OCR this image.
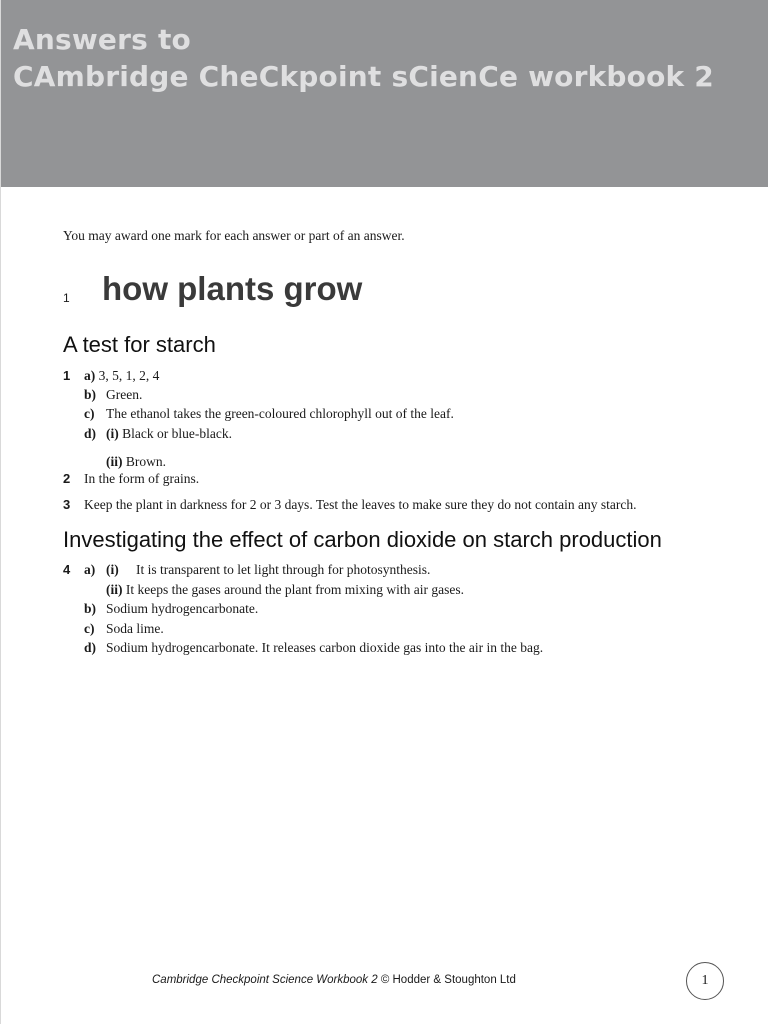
Answers to
CAmbridge CheCkpoint sCienCe workbook 2
You may award one mark for each answer or part of an answer.
1 how plants grow
A test for starch
1 a) 3, 5, 1, 2, 4
b) Green.
c) The ethanol takes the green-coloured chlorophyll out of the leaf.
d) (i) Black or blue-black.
(ii) Brown.
2 In the form of grains.
3 Keep the plant in darkness for 2 or 3 days. Test the leaves to make sure they do not contain any starch.
Investigating the effect of carbon dioxide on starch production
4 a) (i) It is transparent to let light through for photosynthesis.
(ii) It keeps the gases around the plant from mixing with air gases.
b) Sodium hydrogencarbonate.
c) Soda lime.
d) Sodium hydrogencarbonate. It releases carbon dioxide gas into the air in the bag.
Cambridge Checkpoint Science Workbook 2 © Hodder & Stoughton Ltd	1
